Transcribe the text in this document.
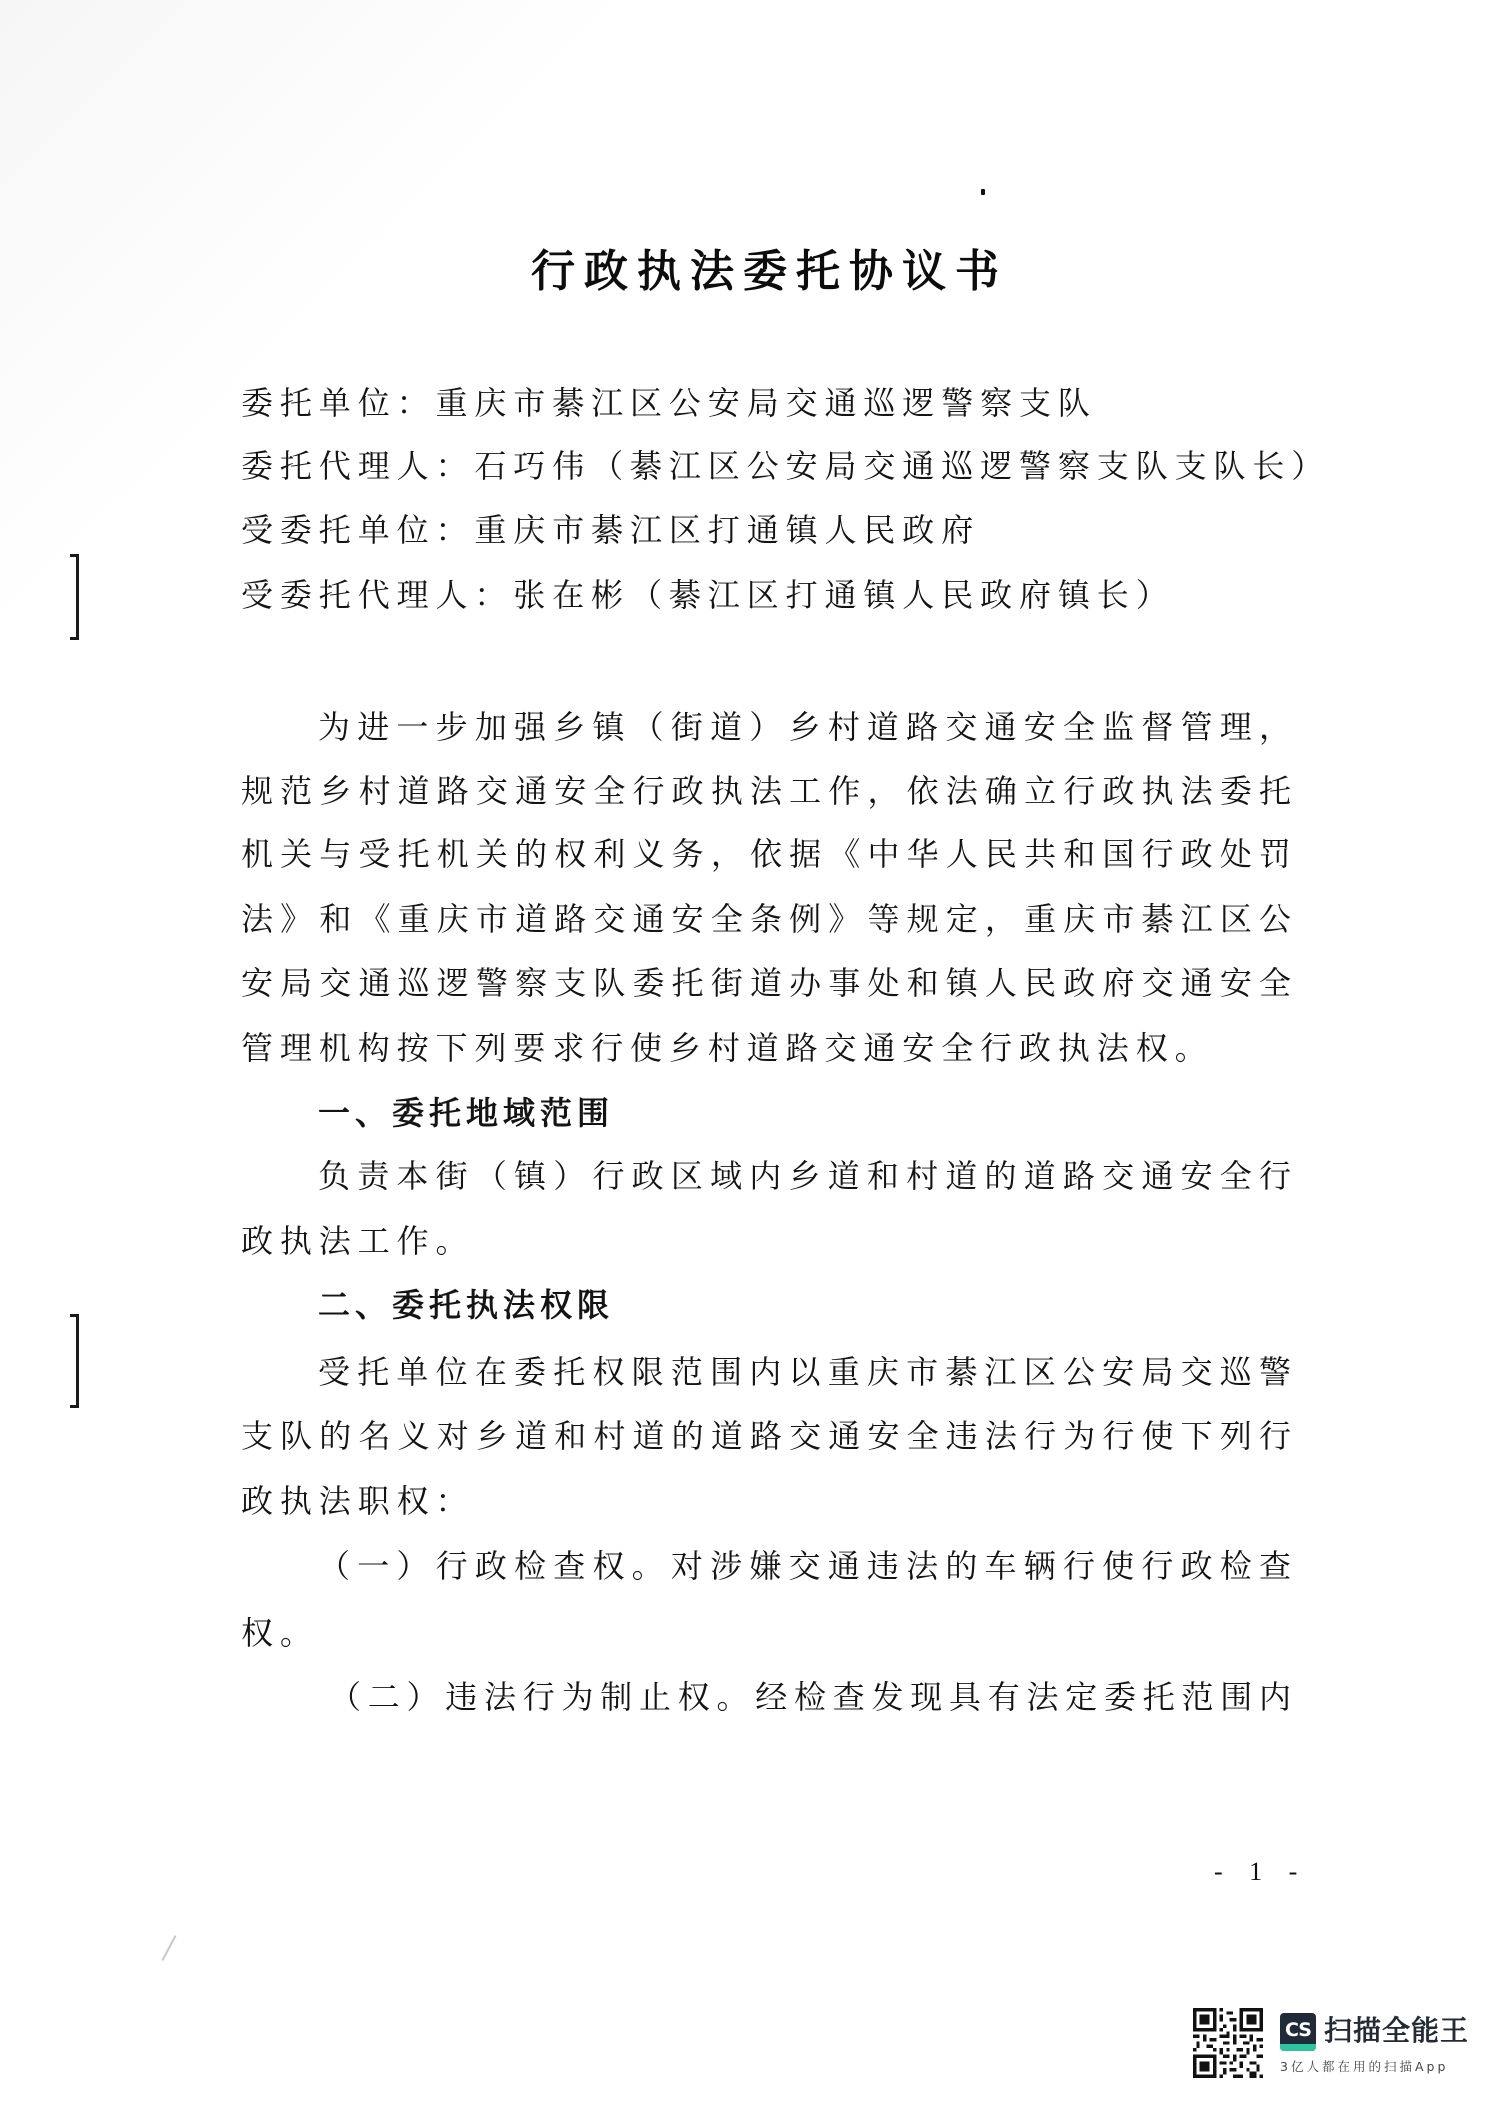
行政执法委托协议书
委托单位：重庆市綦江区公安局交通巡逻警察支队
委托代理人：石巧伟（綦江区公安局交通巡逻警察支队支队长）
受委托单位：重庆市綦江区打通镇人民政府
受委托代理人：张在彬（綦江区打通镇人民政府镇长）
为进一步加强乡镇（街道）乡村道路交通安全监督管理，
规范乡村道路交通安全行政执法工作，依法确立行政执法委托
机关与受托机关的权利义务，依据《中华人民共和国行政处罚
法》和《重庆市道路交通安全条例》等规定，重庆市綦江区公
安局交通巡逻警察支队委托街道办事处和镇人民政府交通安全
管理机构按下列要求行使乡村道路交通安全行政执法权。
一、委托地域范围
负责本街（镇）行政区域内乡道和村道的道路交通安全行
政执法工作。
二、委托执法权限
受托单位在委托权限范围内以重庆市綦江区公安局交巡警
支队的名义对乡道和村道的道路交通安全违法行为行使下列行
政执法职权：
（一）行政检查权。对涉嫌交通违法的车辆行使行政检查
权。
（二）违法行为制止权。经检查发现具有法定委托范围内
- 1 -
CS 扫描全能王
3亿人都在用的扫描App
